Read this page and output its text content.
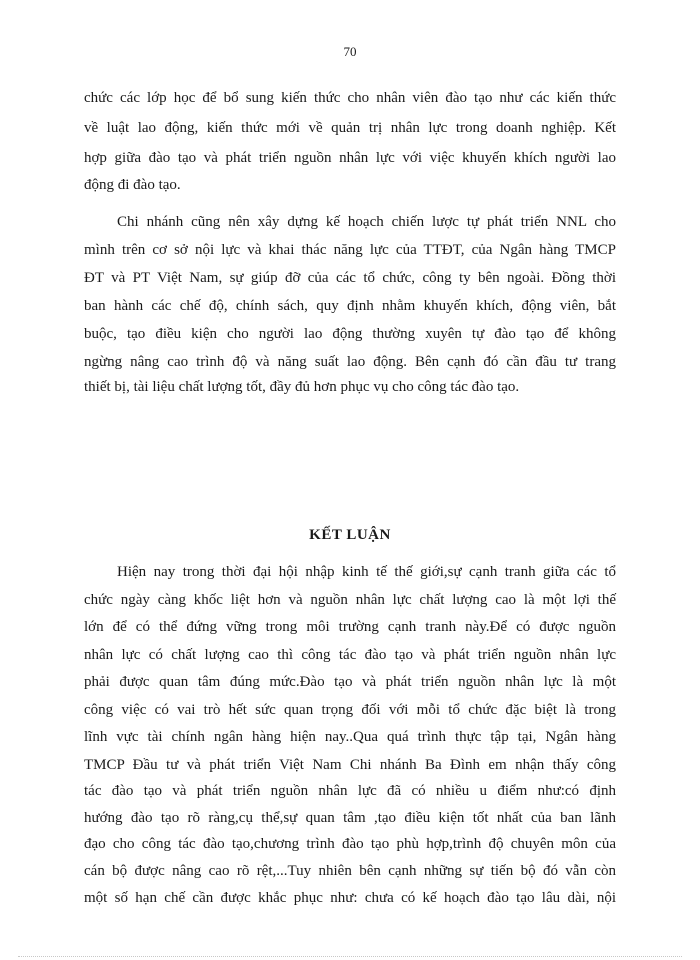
70
chức các lớp học để bổ sung kiến thức cho nhân viên đào tạo như các kiến thức
về luật lao động, kiến thức mới về quản trị nhân lực trong doanh nghiệp. Kết
hợp giữa đào tạo và phát triển nguồn nhân lực với việc khuyến khích người lao
động đi đào tạo.
Chi nhánh cũng nên xây dựng kế hoạch chiến lược tự phát triển NNL cho
mình trên cơ sở nội lực và khai thác năng lực của TTĐT, của Ngân hàng TMCP
ĐT và PT Việt Nam, sự giúp đỡ của các tổ chức, công ty bên ngoài. Đồng thời
ban hành các chế độ, chính sách, quy định nhằm khuyến khích, động viên, bắt
buộc, tạo điều kiện cho người lao động thường xuyên tự đào tạo để không
ngừng nâng cao trình độ và năng suất lao động. Bên cạnh đó cần đầu tư trang
thiết bị, tài liệu chất lượng tốt, đầy đủ hơn phục vụ cho công tác đào tạo.
KẾT LUẬN
Hiện nay trong thời đại hội nhập kinh tế thế giới,sự cạnh tranh giữa các tổ
chức ngày càng khốc liệt hơn và nguồn nhân lực chất lượng cao là một lợi thế
lớn để có thể đứng vững trong môi trường cạnh tranh này.Để có được nguồn
nhân lực có chất lượng cao thì công tác đào tạo và phát triển nguồn nhân lực
phải được quan tâm đúng mức.Đào tạo và phát triển nguồn nhân lực là một
công việc có vai trò hết sức quan trọng đối với mỗi tổ chức đặc biệt là trong
lĩnh vực tài chính ngân hàng hiện nay..Qua quá trình thực tập tại, Ngân hàng
TMCP Đầu tư và phát triển Việt Nam Chi nhánh Ba Đình em nhận thấy công
tác đào tạo và phát triển nguồn nhân lực đã có nhiều u điểm như:có định
hướng đào tạo rõ ràng,cụ thể,sự quan tâm ,tạo điều kiện tốt nhất của ban lãnh
đạo cho công tác đào tạo,chương trình đào tạo phù hợp,trình độ chuyên môn của
cán bộ được nâng cao rõ rệt,...Tuy nhiên bên cạnh những sự tiến bộ đó vẫn còn
một số hạn chế cần được khắc phục như: chưa có kế hoạch đào tạo lâu dài, nội
